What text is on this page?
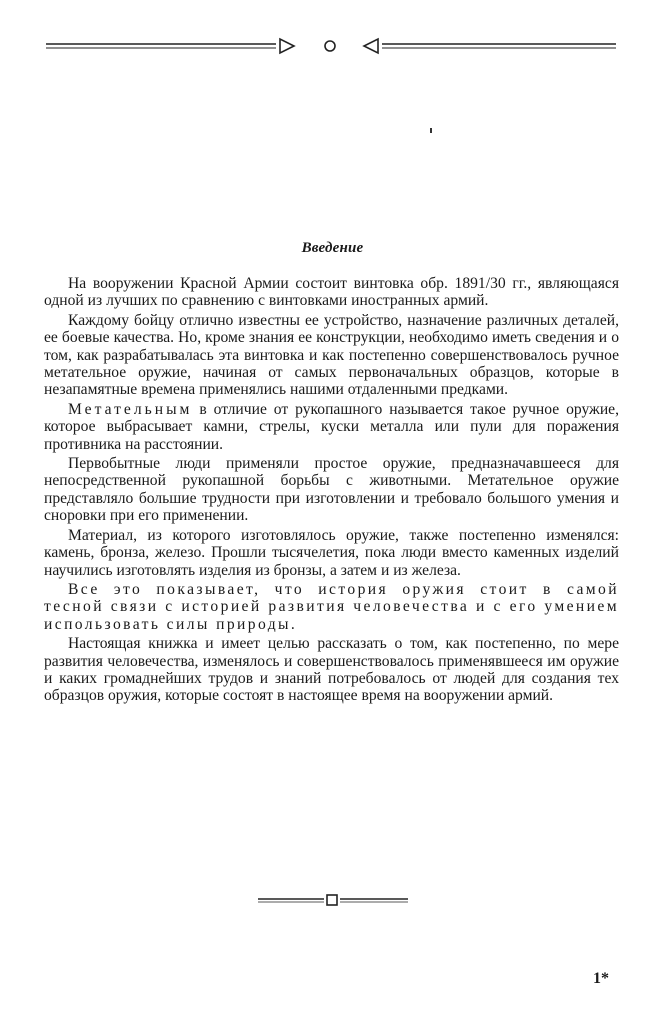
Введение

На вооружении Красной Армии состоит винтовка обр. 1891/30 гг., являющаяся одной из лучших по сравнению с винтовками иностранных армий.

Каждому бойцу отлично известны ее устройство, назначение различных деталей, ее боевые качества. Но, кроме знания ее конструкции, необходимо иметь сведения и о том, как разрабатывалась эта винтовка и как постепенно совершенствовалось ручное метательное оружие, начиная от самых первоначальных образцов, которые в незапамятные времена применялись нашими отдаленными предками.

Метательным в отличие от рукопашного называется такое ручное оружие, которое выбрасывает камни, стрелы, куски металла или пули для поражения противника на расстоянии.

Первобытные люди применяли простое оружие, предназначавшееся для непосредственной рукопашной борьбы с животными. Метательное оружие представляло большие трудности при изготовлении и требовало большого умения и сноровки при его применении.

Материал, из которого изготовлялось оружие, также постепенно изменялся: камень, бронза, железо. Прошли тысячелетия, пока люди вместо каменных изделий научились изготовлять изделия из бронзы, а затем и из железа.

Все это показывает, что история оружия стоит в самой тесной связи с историей развития человечества и с его умением использовать силы природы.

Настоящая книжка и имеет целью рассказать о том, как постепенно, по мере развития человечества, изменялось и совершенствовалось применявшееся им оружие и каких громаднейших трудов и знаний потребовалось от людей для создания тех образцов оружия, которые состоят в настоящее время на вооружении армий.

1*
